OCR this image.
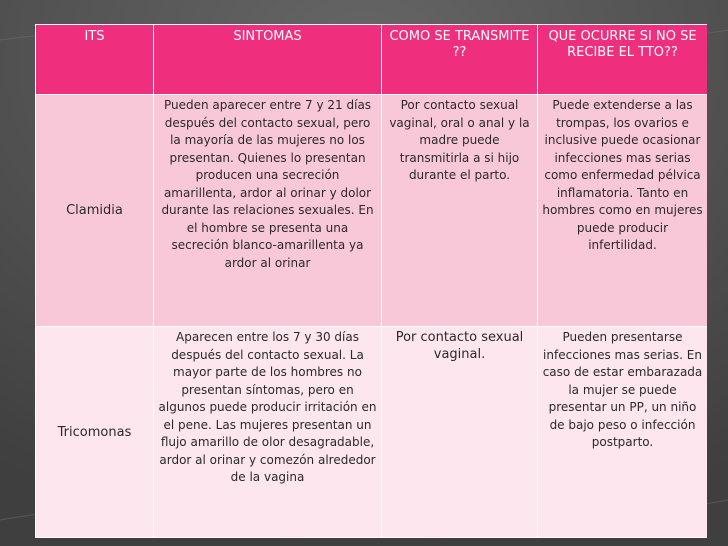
ITS	SINTOMAS	COMO SE TRANSMITE ??	QUE OCURRE SI NO SE RECIBE EL TTO??
Clamidia	Pueden aparecer entre 7 y 21 días después del contacto sexual, pero la mayoría de las mujeres no los presentan. Quienes lo presentan producen una secreción amarillenta, ardor al orinar y dolor durante las relaciones sexuales. En el hombre se presenta una secreción blanco-amarillenta ya ardor al orinar	Por contacto sexual vaginal, oral o anal y la madre puede transmitirla a si hijo durante el parto.	Puede extenderse a las trompas, los ovarios e inclusive puede ocasionar infecciones mas serias como enfermedad pélvica inflamatoria. Tanto en hombres como en mujeres puede producir infertilidad.
Tricomonas	Aparecen entre los 7 y 30 días después del contacto sexual. La mayor parte de los hombres no presentan síntomas, pero en algunos puede producir irritación en el pene. Las mujeres presentan un flujo amarillo de olor desagradable, ardor al orinar y comezón alrededor de la vagina	Por contacto sexual vaginal.	Pueden presentarse infecciones mas serias. En caso de estar embarazada la mujer se puede presentar un PP, un niño de bajo peso o infección postparto.
